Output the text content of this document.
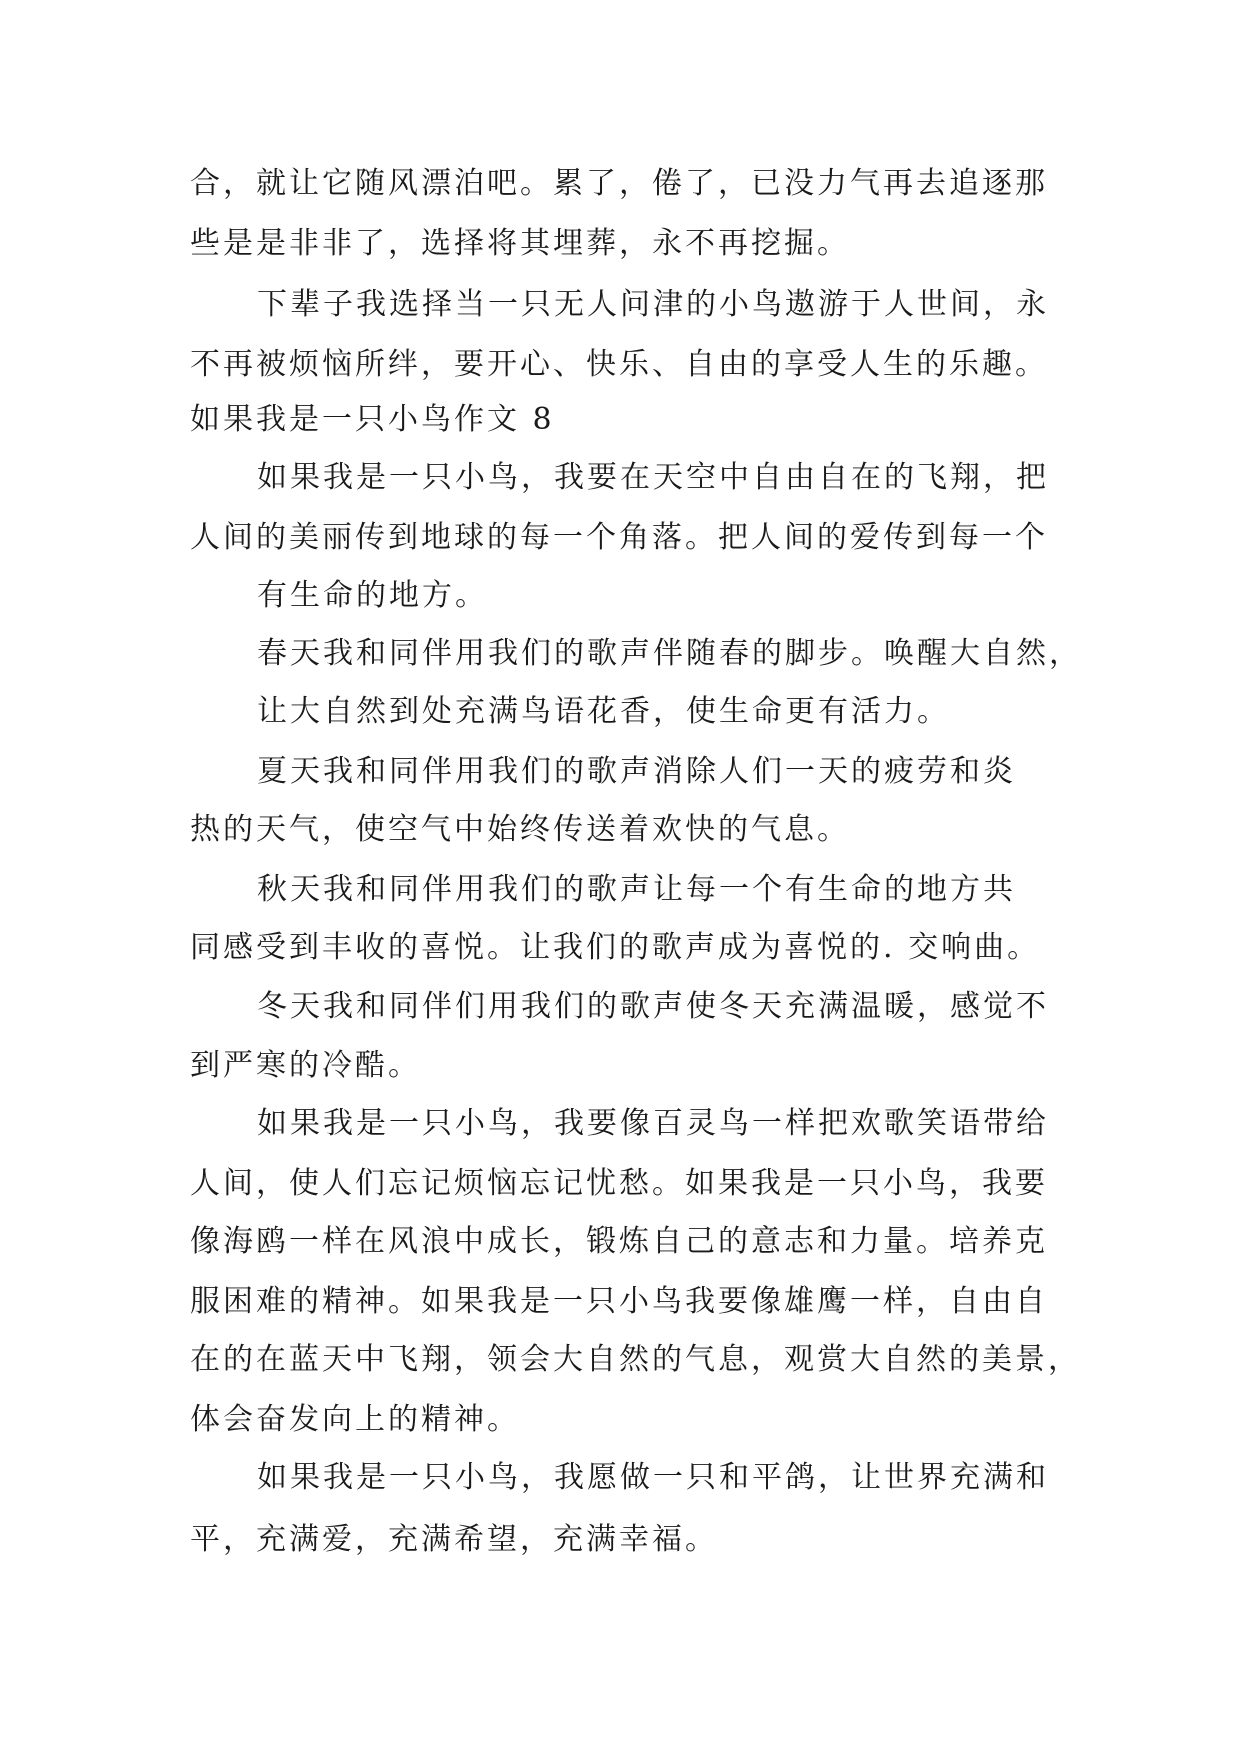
合，就让它随风漂泊吧。累了，倦了，已没力气再去追逐那
些是是非非了，选择将其埋葬，永不再挖掘。
下辈子我选择当一只无人问津的小鸟遨游于人世间，永
不再被烦恼所绊，要开心、快乐、自由的享受人生的乐趣。
如果我是一只小鸟作文 8
如果我是一只小鸟，我要在天空中自由自在的飞翔，把
人间的美丽传到地球的每一个角落。把人间的爱传到每一个
有生命的地方。
春天我和同伴用我们的歌声伴随春的脚步。唤醒大自然，
让大自然到处充满鸟语花香，使生命更有活力。
夏天我和同伴用我们的歌声消除人们一天的疲劳和炎
热的天气，使空气中始终传送着欢快的气息。
秋天我和同伴用我们的歌声让每一个有生命的地方共
同感受到丰收的喜悦。让我们的歌声成为喜悦的. 交响曲。
冬天我和同伴们用我们的歌声使冬天充满温暖，感觉不
到严寒的冷酷。
如果我是一只小鸟，我要像百灵鸟一样把欢歌笑语带给
人间，使人们忘记烦恼忘记忧愁。如果我是一只小鸟，我要
像海鸥一样在风浪中成长，锻炼自己的意志和力量。培养克
服困难的精神。如果我是一只小鸟我要像雄鹰一样，自由自
在的在蓝天中飞翔，领会大自然的气息，观赏大自然的美景，
体会奋发向上的精神。
如果我是一只小鸟，我愿做一只和平鸽，让世界充满和
平，充满爱，充满希望，充满幸福。
